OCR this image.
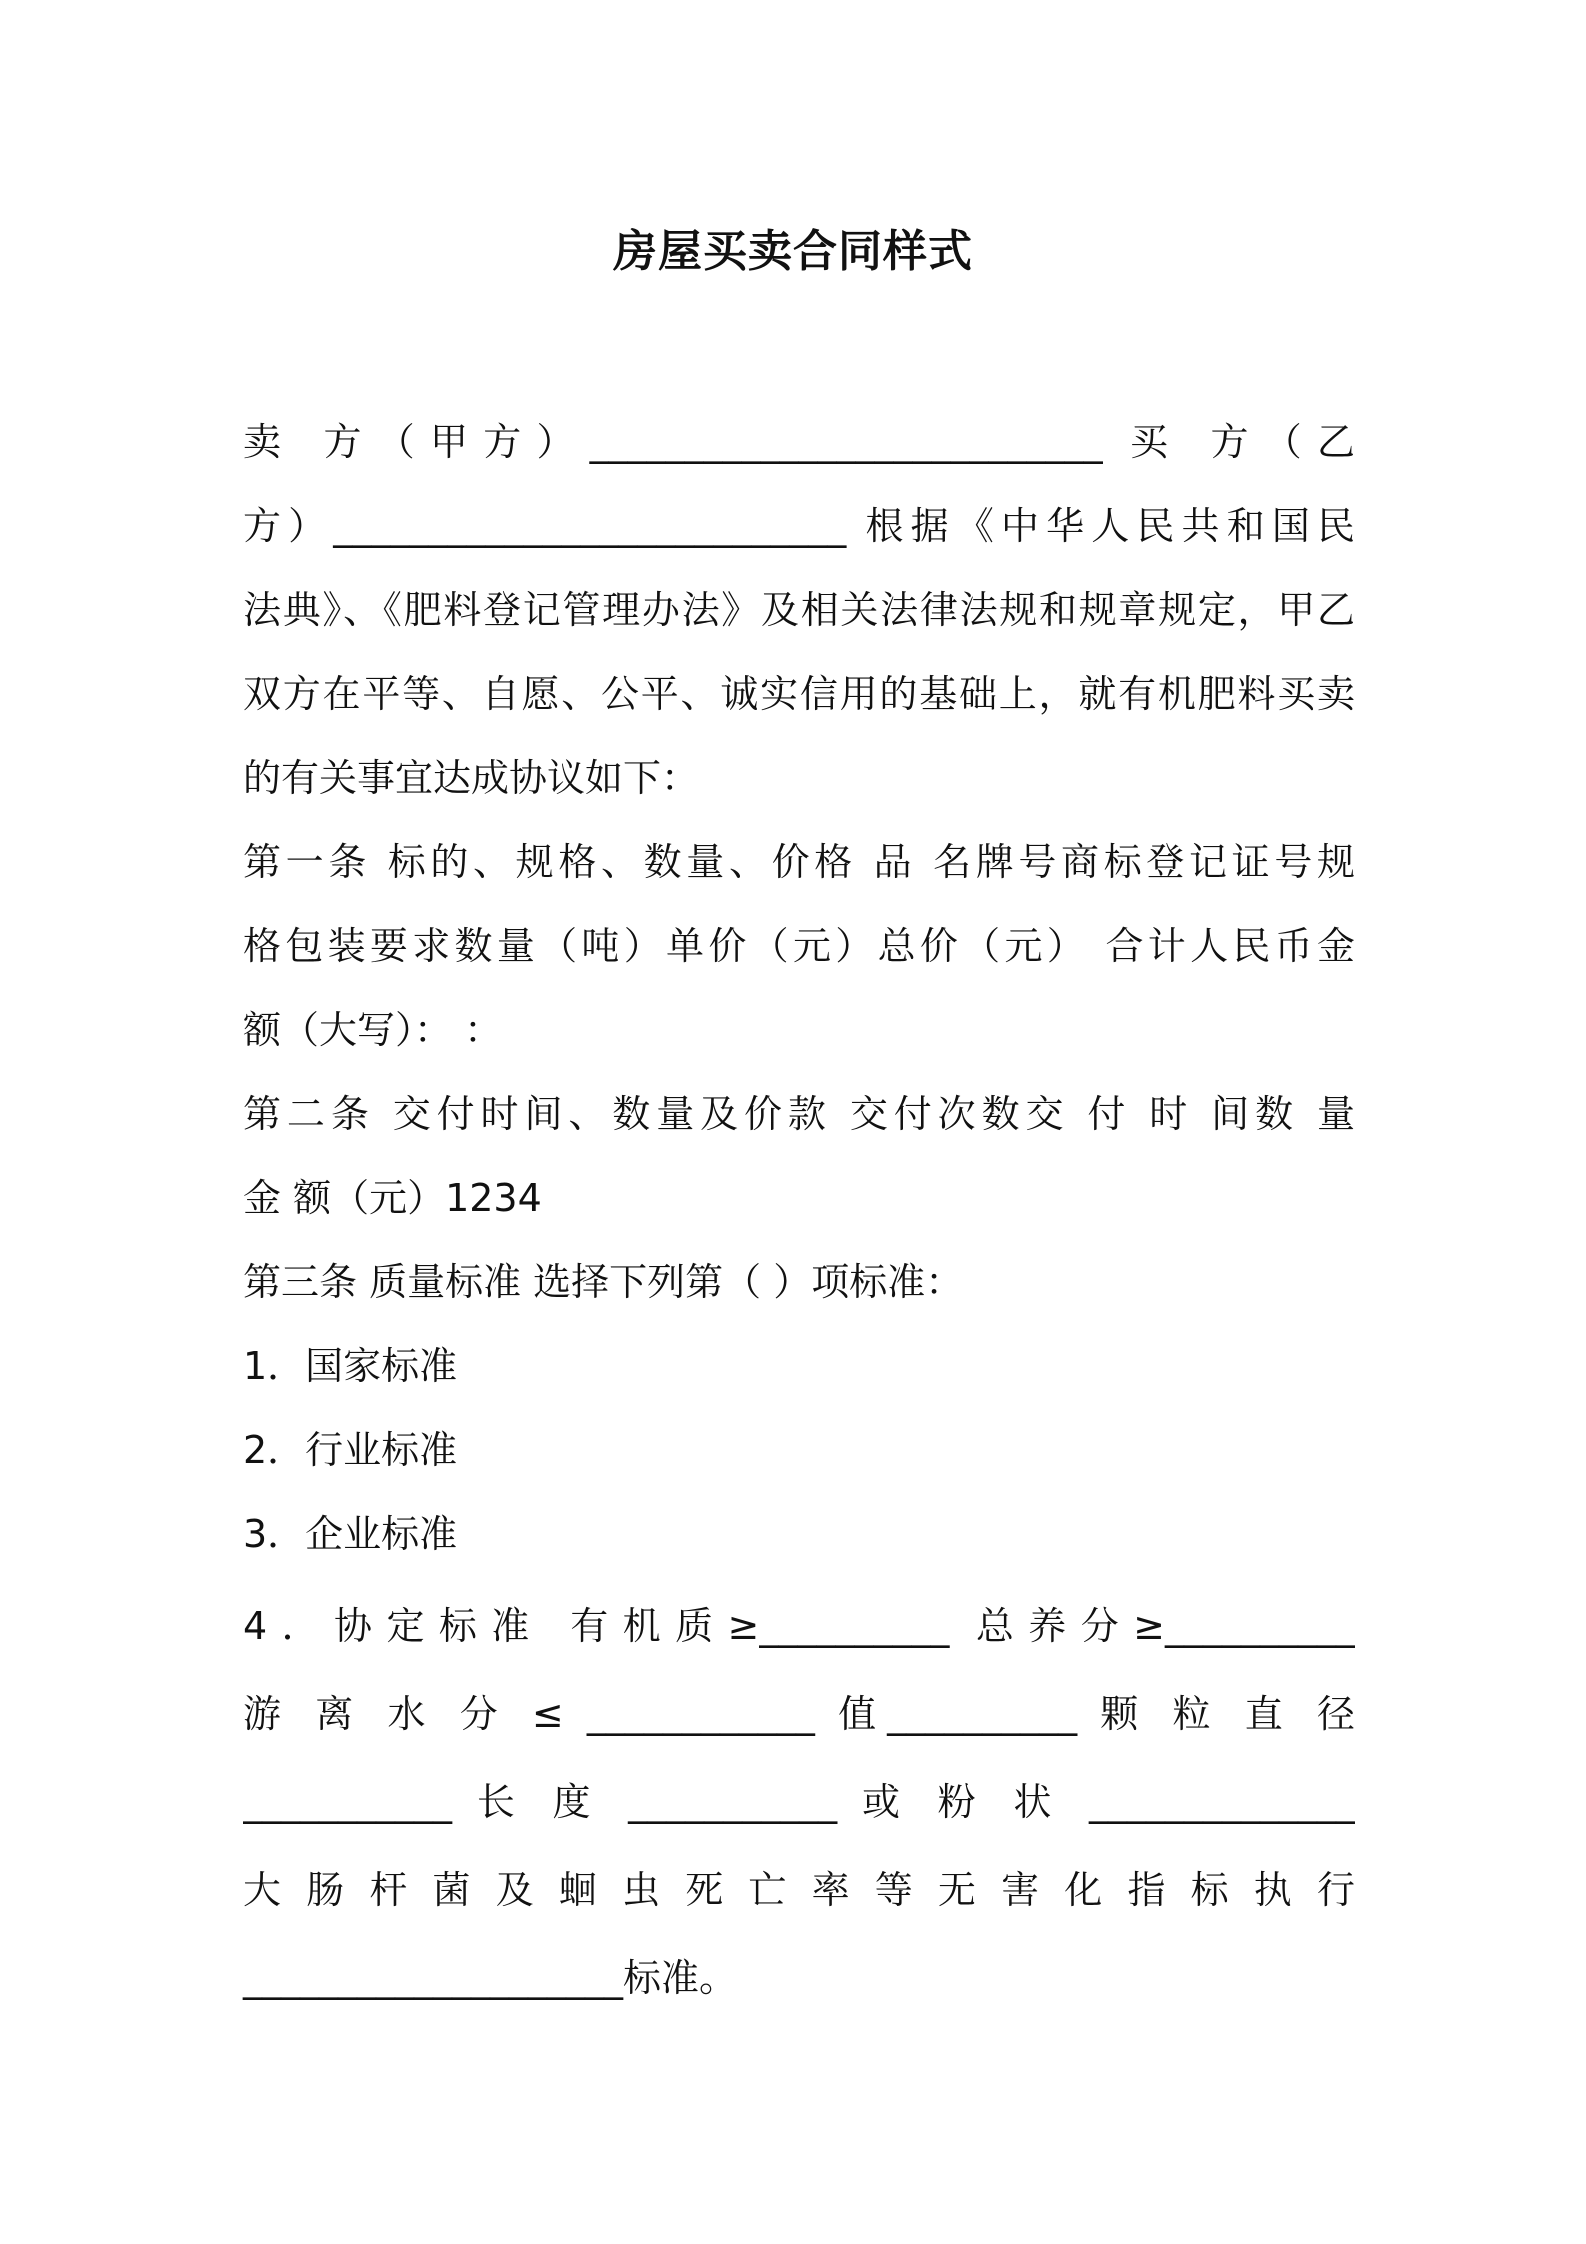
房屋买卖合同样式
卖 方（甲方）___________________________ 买 方（乙
方）___________________________ 根据《中华人民共和国民
法典》、《肥料登记管理办法》及相关法律法规和规章规定，甲乙
双方在平等、自愿、公平、诚实信用的基础上，就有机肥料买卖
的有关事宜达成协议如下：
第一条 标的、规格、数量、价格 品 名牌号商标登记证号规
格包装要求数量（吨）单价（元）总价（元） 合计人民币金
额（大写）： ：
第二条 交付时间、数量及价款 交付次数交 付 时 间数 量
金 额（元）1234
第三条 质量标准 选择下列第（ ）项标准：
1．国家标准
2．行业标准
3．企业标准
4．协定标准 有机质≥__________ 总养分≥__________
游 离 水 分 ≤ ____________ 值__________ 颗 粒 直 径
___________ 长 度 ___________ 或 粉 状 ______________
大 肠 杆 菌 及 蛔 虫 死 亡 率 等 无 害 化 指 标 执 行
____________________标准。
